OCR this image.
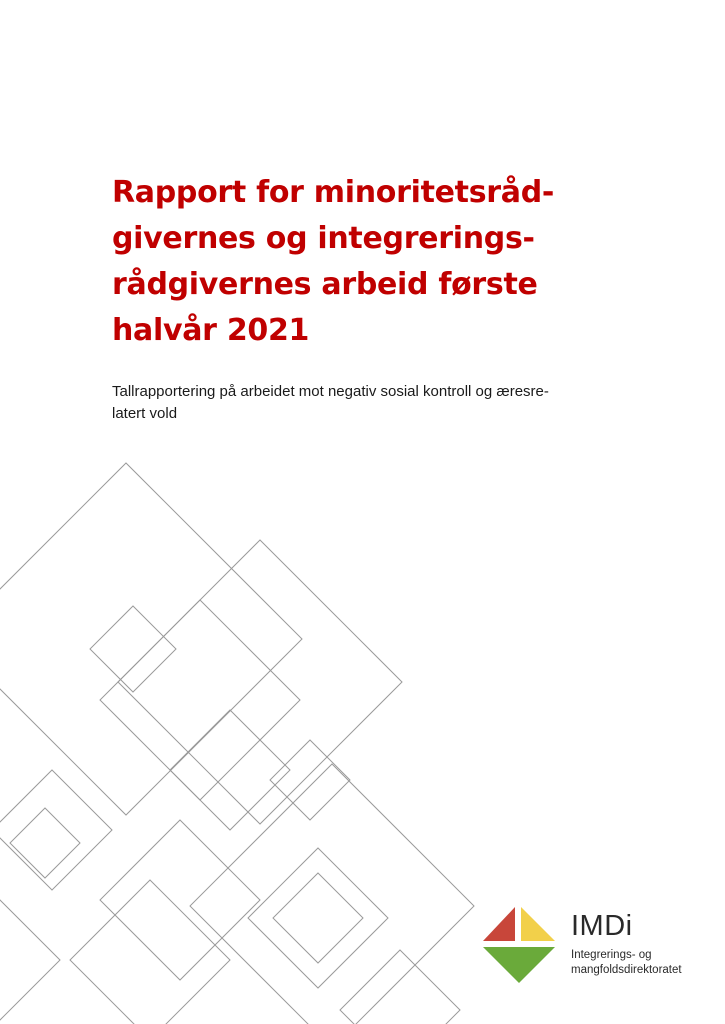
Rapport for minoritetsråd-
givernes og integrerings-
rådgivernes arbeid første
halvår 2021

Tallrapportering på arbeidet mot negativ sosial kontroll og æresre-
latert vold

IMDi

Integrerings- og
mangfoldsdirektoratet
